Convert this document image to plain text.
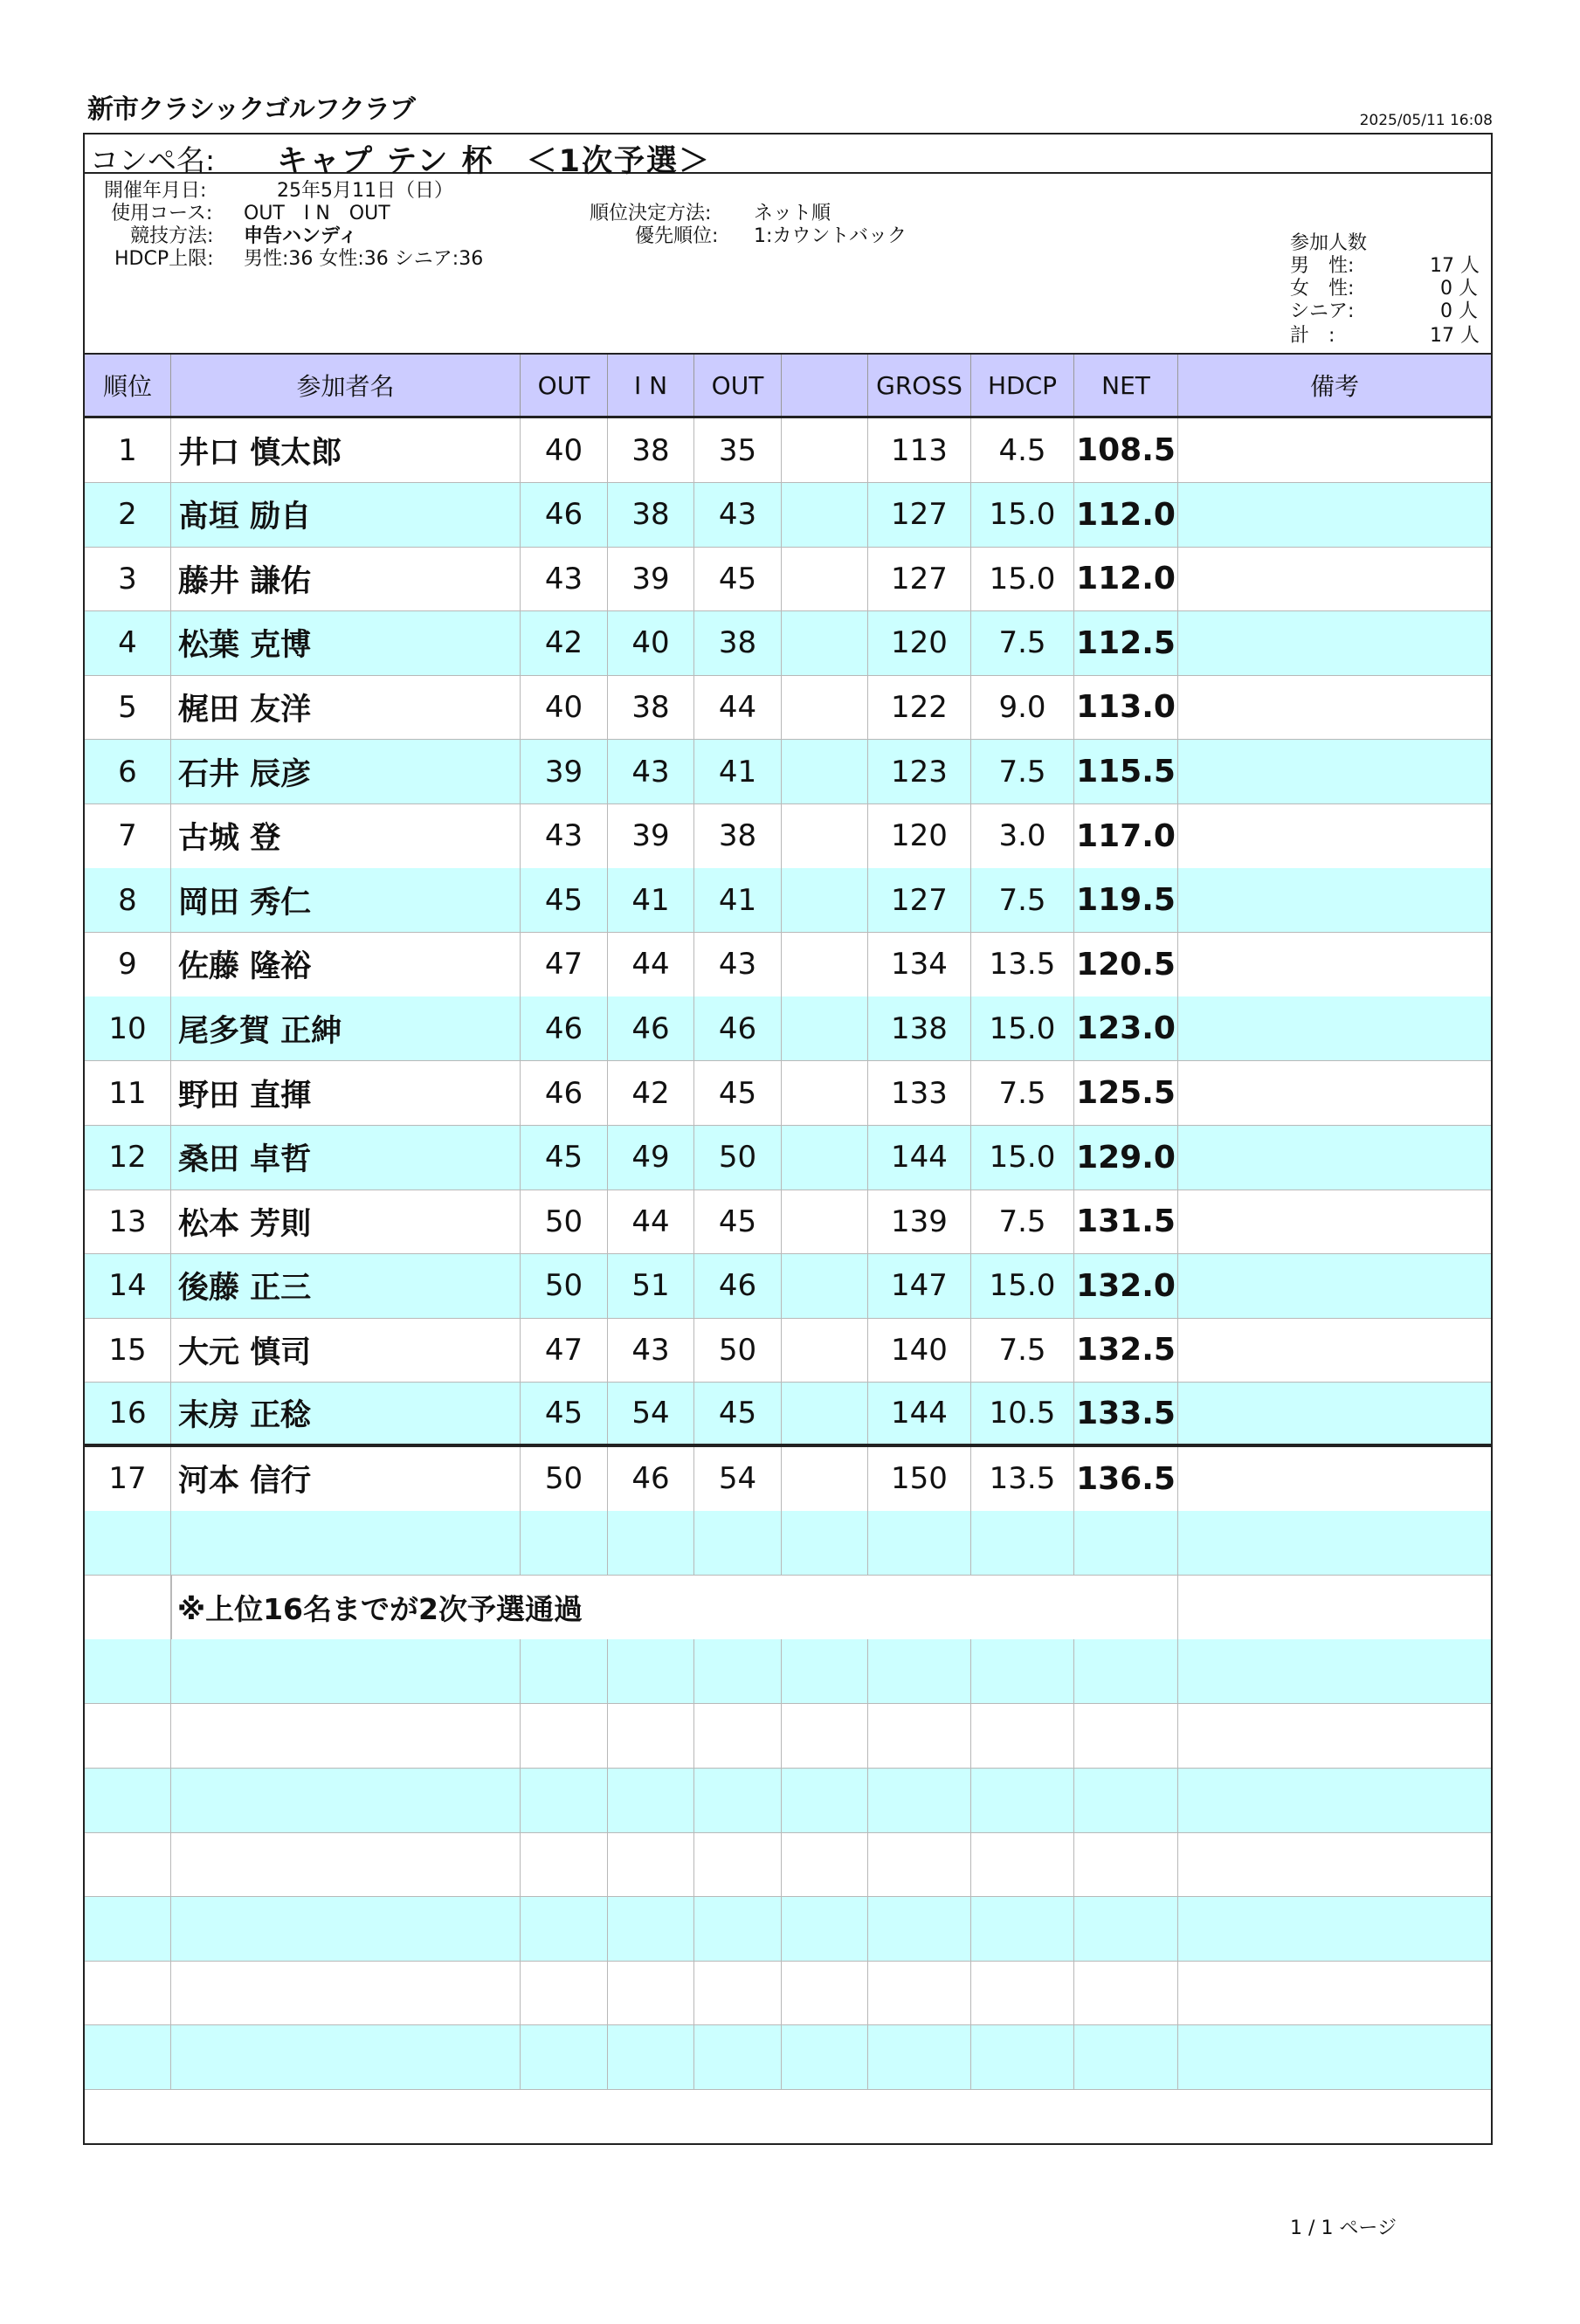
新市クラシックゴルフクラブ	2025/05/11 16:08
コンペ名: キャプ テン 杯　＜1次予選＞
開催年月日:	25年5月11日（日）
使用コース: OUT　I N　OUT
競技方法: 申告ハンディ
HDCP上限: 男性:36 女性:36 シニア:36
順位決定方法: ネット順
優先順位: 1:カウントバック	参加人数
男　性:	17 人
女　性:	0 人
シニア:	0 人
計　:	17 人
順位	参加者名	OUT	I N	OUT	GROSS	HDCP	NET	備考
1	井口 慎太郎	40	38	35	113	4.5 108.5
2	髙垣 励自	46	38	43	127	15.0 112.0
3	藤井 謙佑	43	39	45	127	15.0 112.0
4	松葉 克博	42	40	38	120	7.5 112.5
5	梶田 友洋	40	38	44	122	9.0 113.0
6	石井 辰彦	39	43	41	123	7.5 115.5
7	古城 登	43	39	38	120	3.0 117.0
8	岡田 秀仁	45	41	41	127	7.5 119.5
9	佐藤 隆裕	47	44	43	134	13.5 120.5
10	尾多賀 正紳	46	46	46	138	15.0 123.0
11	野田 直揮	46	42	45	133	7.5 125.5
12	桑田 卓哲	45	49	50	144	15.0 129.0
13	松本 芳則	50	44	45	139	7.5 131.5
14	後藤 正三	50	51	46	147	15.0 132.0
15	大元 慎司	47	43	50	140	7.5 132.5
16	末房 正稔	45	54	45	144	10.5 133.5
17	河本 信行	50	46	54	150	13.5 136.5
※上位16名までが2次予選通過
1 / 1 ページ
